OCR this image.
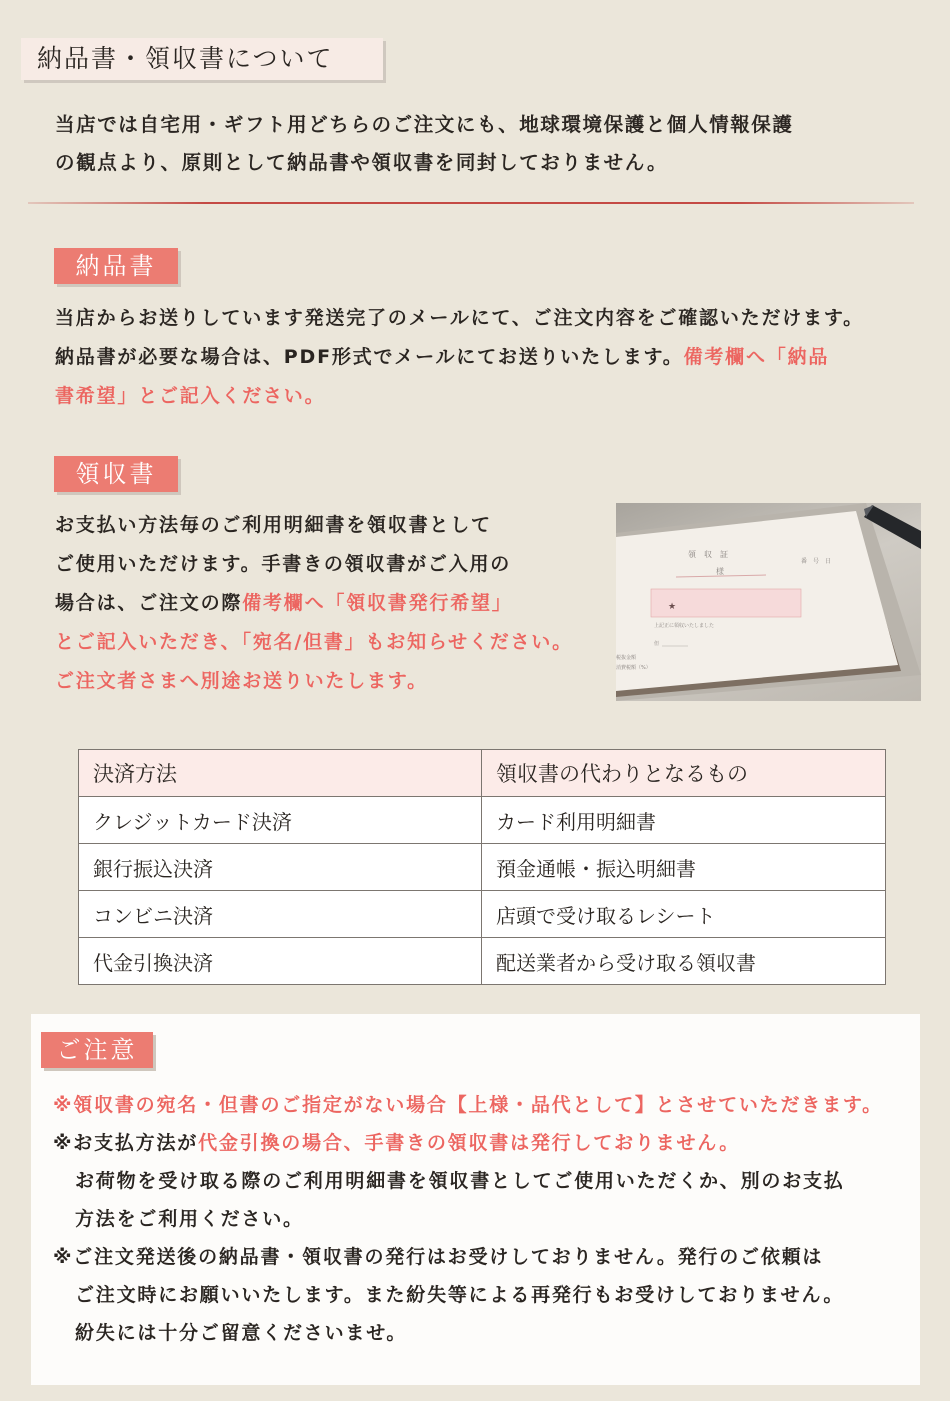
納品書・領収書について
当店では自宅用・ギフト用どちらのご注文にも、地球環境保護と個人情報保護
の観点より、原則として納品書や領収書を同封しておりません。
納品書
当店からお送りしています発送完了のメールにて、ご注文内容をご確認いただけます。
納品書が必要な場合は、PDF形式でメールにてお送りいたします。備考欄へ「納品
書希望」とご記入ください。
領収書
お支払い方法毎のご利用明細書を領収書として
ご使用いただけます。手書きの領収書がご入用の
場合は、ご注文の際備考欄へ「領収書発行希望」
とご記入いただき、「宛名/但書」もお知らせください。
ご注文者さまへ別途お送りいたします。
領　収　証
番　号　日
様
★
上記正に領収いたしました
但
税抜金額
消費税額（%）
決済方法	領収書の代わりとなるもの
クレジットカード決済	カード利用明細書
銀行振込決済	預金通帳・振込明細書
コンビニ決済	店頭で受け取るレシート
代金引換決済	配送業者から受け取る領収書
ご注意
※領収書の宛名・但書のご指定がない場合【上様・品代として】とさせていただきます。
※お支払方法が代金引換の場合、手書きの領収書は発行しておりません。
お荷物を受け取る際のご利用明細書を領収書としてご使用いただくか、別のお支払
方法をご利用ください。
※ご注文発送後の納品書・領収書の発行はお受けしておりません。発行のご依頼は
ご注文時にお願いいたします。また紛失等による再発行もお受けしておりません。
紛失には十分ご留意くださいませ。
